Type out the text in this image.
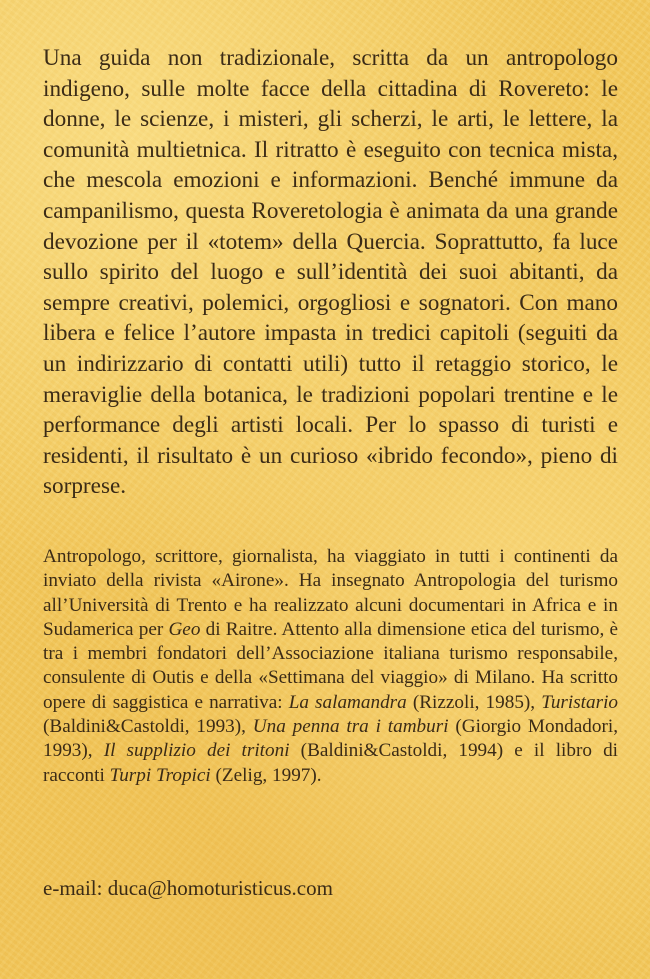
Una guida non tradizionale, scritta da un antropologo indigeno, sulle molte facce della cittadina di Rovereto: le donne, le scienze, i misteri, gli scherzi, le arti, le lettere, la comunità multietnica. Il ritratto è eseguito con tecnica mista, che mescola emozioni e informazioni. Benché immune da campanilismo, questa Roveretologia è animata da una grande devozione per il «totem» della Quercia. Soprattutto, fa luce sullo spirito del luogo e sull’identità dei suoi abitanti, da sempre creativi, polemici, orgogliosi e sognatori. Con mano libera e felice l’autore impasta in tredici capitoli (seguiti da un indirizzario di contatti utili) tutto il retaggio storico, le meraviglie della botanica, le tradizioni popolari trentine e le performance degli artisti locali. Per lo spasso di turisti e residenti, il risultato è un curioso «ibrido fecondo», pieno di sorprese.

Antropologo, scrittore, giornalista, ha viaggiato in tutti i continenti da inviato della rivista «Airone». Ha insegnato Antropologia del turismo all’Università di Trento e ha realizzato alcuni documentari in Africa e in Sudamerica per Geo di Raitre. Attento alla dimensione etica del turismo, è tra i membri fondatori dell’Associazione italiana turismo responsabile, consulente di Outis e della «Settimana del viaggio» di Milano. Ha scritto opere di saggistica e narrativa: La salamandra (Rizzoli, 1985), Turistario (Baldini&Castoldi, 1993), Una penna tra i tamburi (Giorgio Mondadori, 1993), Il supplizio dei tritoni (Baldini&Castoldi, 1994) e il libro di racconti Turpi Tropici (Zelig, 1997).

e-mail: duca@homoturisticus.com
